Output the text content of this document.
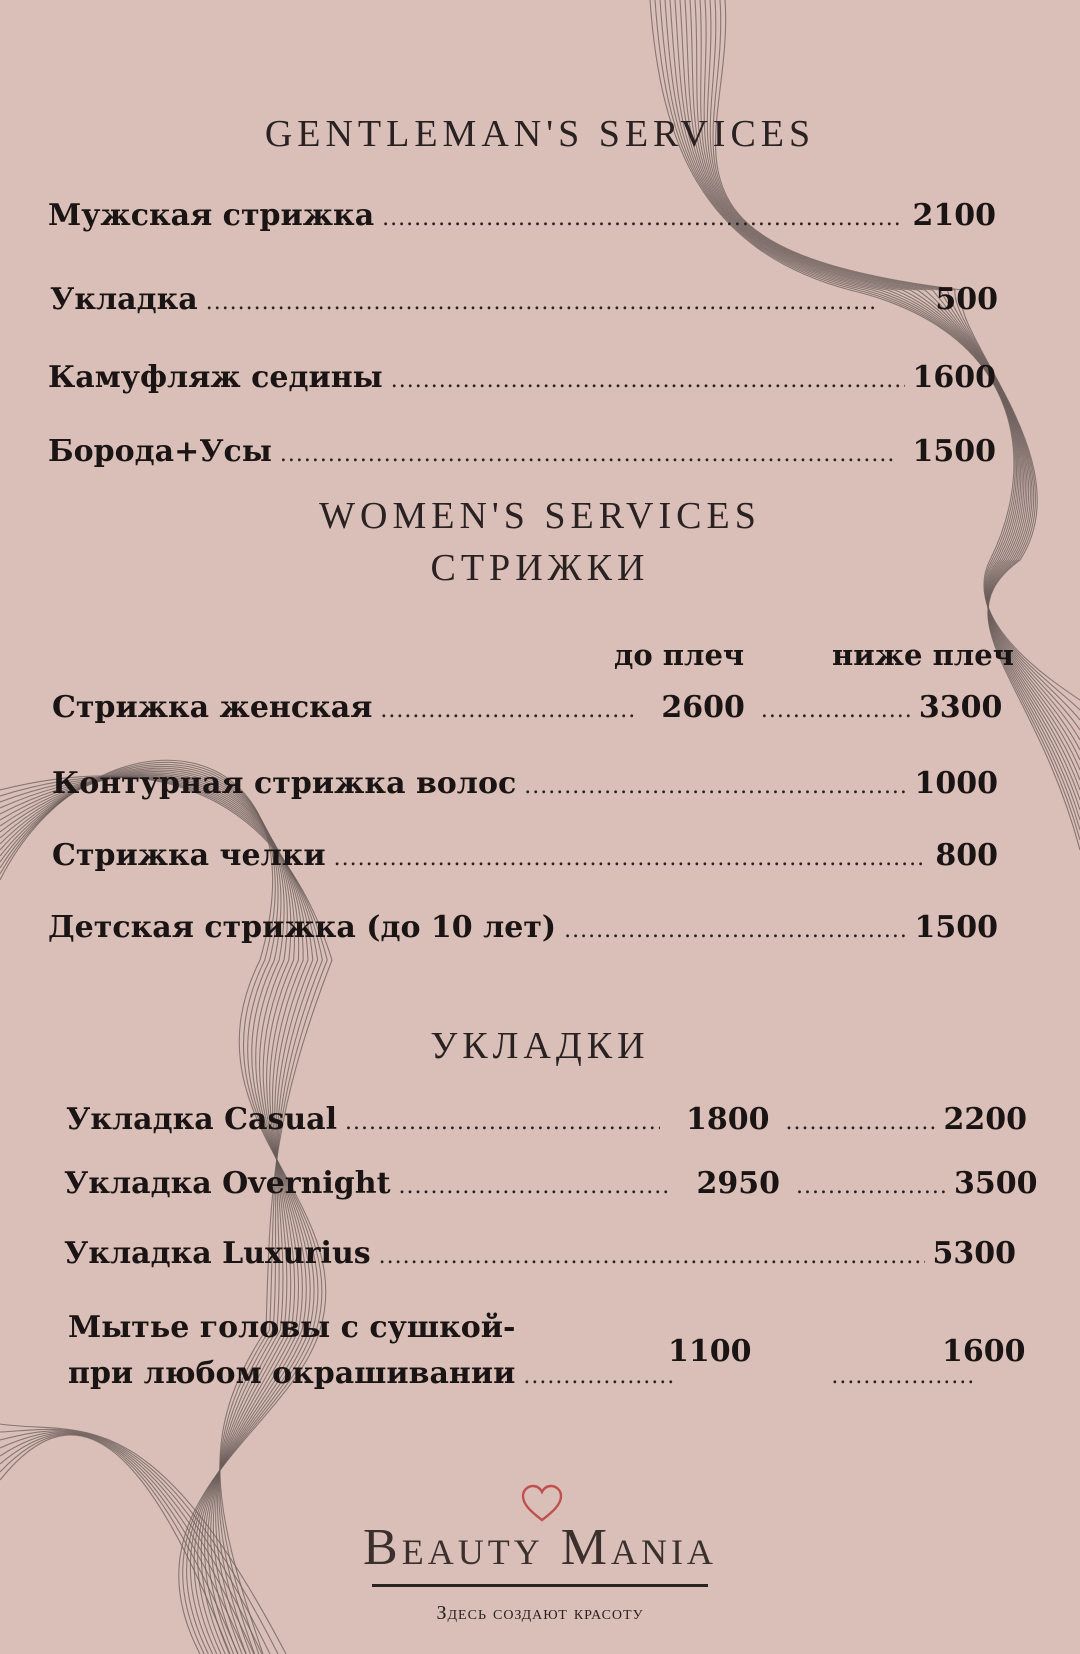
GENTLEMAN'S SERVICES
Мужская стрижка .....	2100
Укладка .....	500
Камуфляж седины .....	1600
Борода+Усы .....	1500
WOMEN'S SERVICES
СТРИЖКИ
до плеч	ниже плеч
Стрижка женская .....	2600 .....	3300
Контурная стрижка волос .....	1000
Стрижка челки .....	800
Детская стрижка (до 10 лет) .....	1500
УКЛАДКИ
Укладка Casual .....	1800 .....	2200
Укладка Overnight .....	2950 .....	3500
Укладка Luxurius .....	5300
Мытье головы с сушкой-
при любом окрашивании
.....
.....
1100	1600
Beauty Mania
Здесь создают красоту
